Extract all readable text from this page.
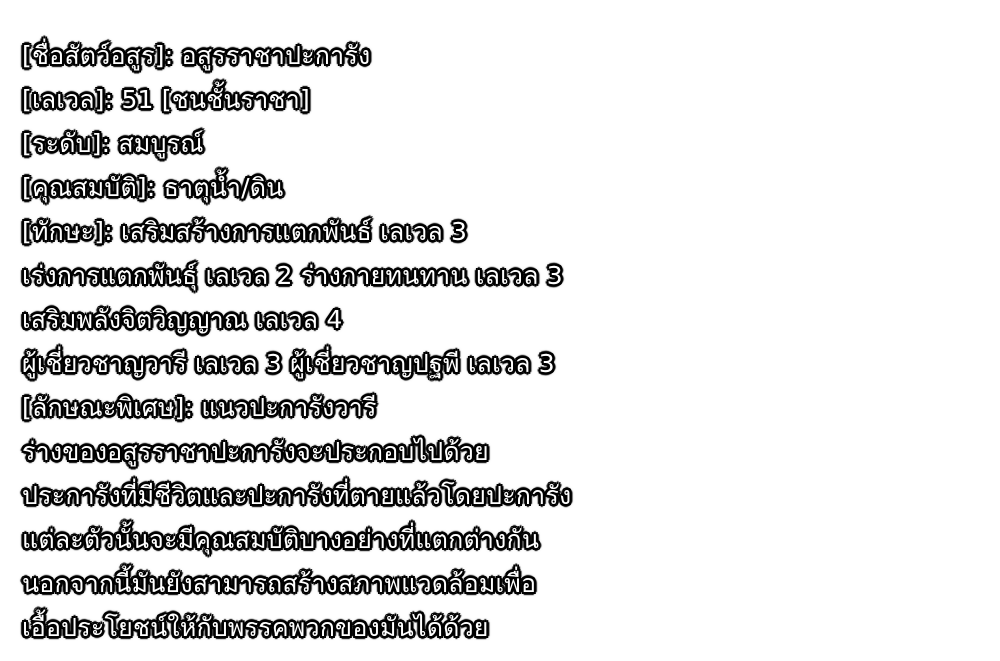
[ชื่อสัตว์อสูร]: อสูรราชาปะการัง
[เลเวล]: 51 [ชนชั้นราชา]
[ระดับ]: สมบูรณ์
[คุณสมบัติ]: ธาตุน้ำ/ดิน
[ทักษะ]: เสริมสร้างการแตกพันธ์ เลเวล 3
เร่งการแตกพันธุ์ เลเวล 2 ร่างกายทนทาน เลเวล 3
เสริมพลังจิตวิญญาณ เลเวล 4
ผู้เชี่ยวชาญวารี เลเวล 3 ผู้เชี่ยวชาญปฐพี เลเวล 3
[ลักษณะพิเศษ]: แนวปะการังวารี
ร่างของอสูรราชาปะการังจะประกอบไปด้วย
ประการังที่มีชีวิตและปะการังที่ตายแล้วโดยปะการัง
แต่ละตัวนั้นจะมีคุณสมบัติบางอย่างที่แตกต่างกัน
นอกจากนี้มันยังสามารถสร้างสภาพแวดล้อมเพื่อ
เอื้อประโยชน์ให้กับพรรคพวกของมันได้ด้วย
